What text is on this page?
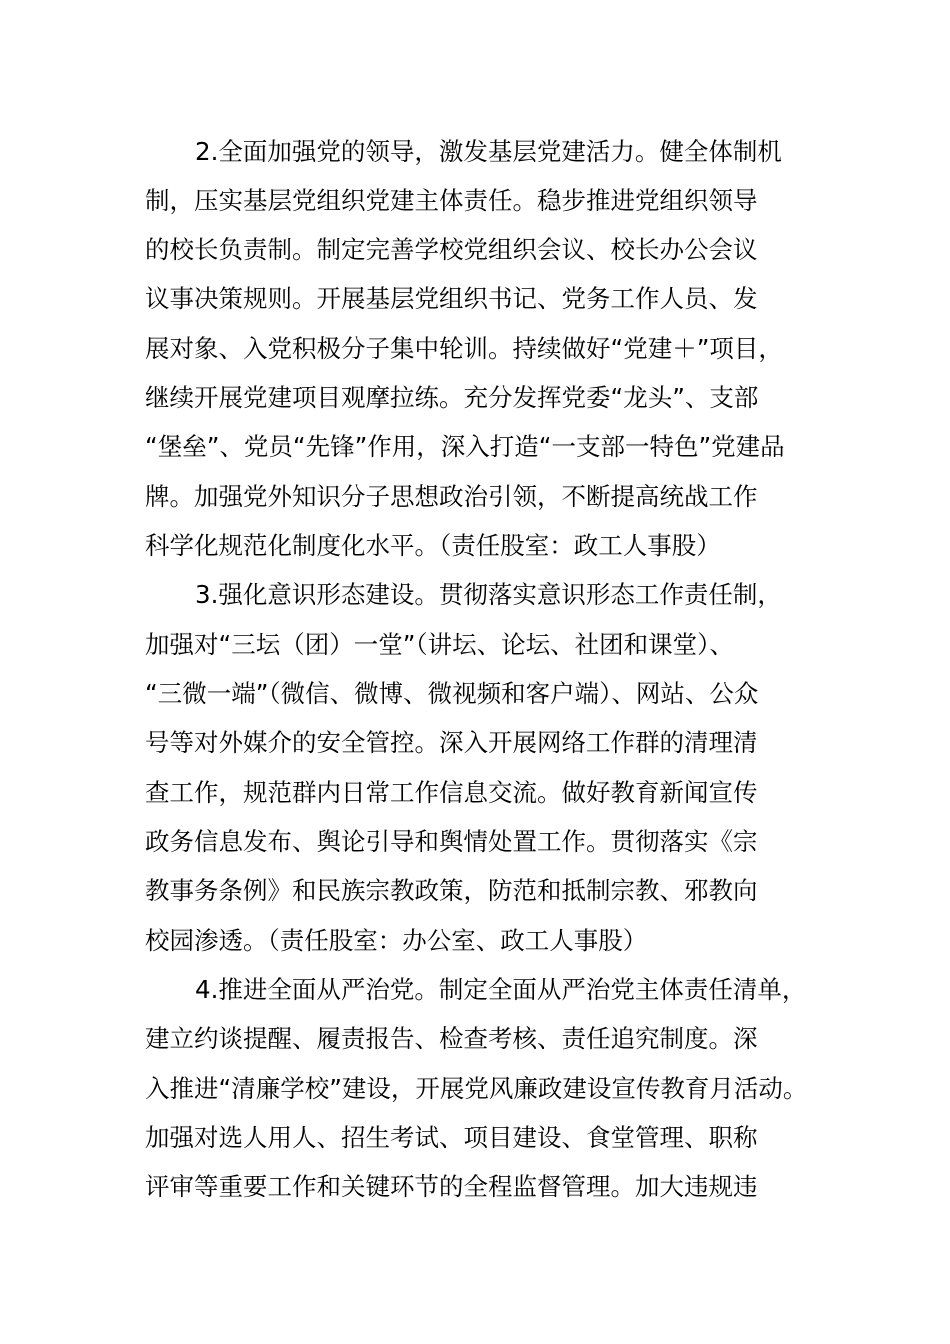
2.全面加强党的领导，激发基层党建活力。健全体制机
制，压实基层党组织党建主体责任。稳步推进党组织领导
的校长负责制。制定完善学校党组织会议、校长办公会议
议事决策规则。开展基层党组织书记、党务工作人员、发
展对象、入党积极分子集中轮训。持续做好“党建＋”项目，
继续开展党建项目观摩拉练。充分发挥党委“龙头”、支部
“堡垒”、党员“先锋”作用，深入打造“一支部一特色”党建品
牌。加强党外知识分子思想政治引领，不断提高统战工作
科学化规范化制度化水平。（责任股室：政工人事股）
3.强化意识形态建设。贯彻落实意识形态工作责任制，
加强对“三坛（团）一堂”（讲坛、论坛、社团和课堂）、
“三微一端”（微信、微博、微视频和客户端）、网站、公众
号等对外媒介的安全管控。深入开展网络工作群的清理清
查工作，规范群内日常工作信息交流。做好教育新闻宣传
政务信息发布、舆论引导和舆情处置工作。贯彻落实《宗
教事务条例》和民族宗教政策，防范和抵制宗教、邪教向
校园渗透。（责任股室：办公室、政工人事股）
4.推进全面从严治党。制定全面从严治党主体责任清单，
建立约谈提醒、履责报告、检查考核、责任追究制度。深
入推进“清廉学校”建设，开展党风廉政建设宣传教育月活动。
加强对选人用人、招生考试、项目建设、食堂管理、职称
评审等重要工作和关键环节的全程监督管理。加大违规违
